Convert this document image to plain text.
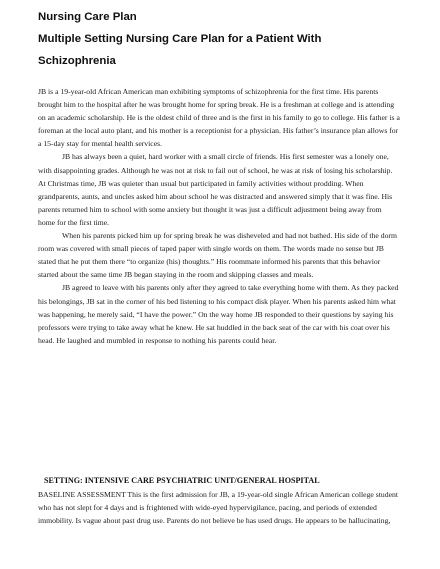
Nursing Care Plan
Multiple Setting Nursing Care Plan for a Patient With
Schizophrenia

JB is a 19-year-old African American man exhibiting symptoms of schizophrenia for the first time. His parents brought him to the hospital after he was brought home for spring break. He is a freshman at college and is attending on an academic scholarship. He is the oldest child of three and is the first in his family to go to college. His father is a foreman at the local auto plant, and his mother is a receptionist for a physician. His father’s insurance plan allows for a 15-day stay for mental health services.

JB has always been a quiet, hard worker with a small circle of friends. His first semester was a lonely one, with disappointing grades. Although he was not at risk to fail out of school, he was at risk of losing his scholarship. At Christmas time, JB was quieter than usual but participated in family activities without prodding. When grandparents, aunts, and uncles asked him about school he was distracted and answered simply that it was fine. His parents returned him to school with some anxiety but thought it was just a difficult adjustment being away from home for the first time.

When his parents picked him up for spring break he was disheveled and had not bathed. His side of the dorm room was covered with small pieces of taped paper with single words on them. The words made no sense but JB stated that he put them there “to organize (his) thoughts.” His roommate informed his parents that this behavior started about the same time JB began staying in the room and skipping classes and meals.

JB agreed to leave with his parents only after they agreed to take everything home with them. As they packed his belongings, JB sat in the corner of his bed listening to his compact disk player. When his parents asked him what was happening, he merely said, “I have the power.” On the way home JB responded to their questions by saying his professors were trying to take away what he knew. He sat huddled in the back seat of the car with his coat over his head. He laughed and mumbled in response to nothing his parents could hear.

SETTING: INTENSIVE CARE PSYCHIATRIC UNIT/GENERAL HOSPITAL

BASELINE ASSESSMENT This is the first admission for JB, a 19-year-old single African American college student who has not slept for 4 days and is frightened with wide-eyed hypervigilance, pacing, and periods of extended immobility. Is vague about past drug use. Parents do not believe he has used drugs. He appears to be hallucinating,
